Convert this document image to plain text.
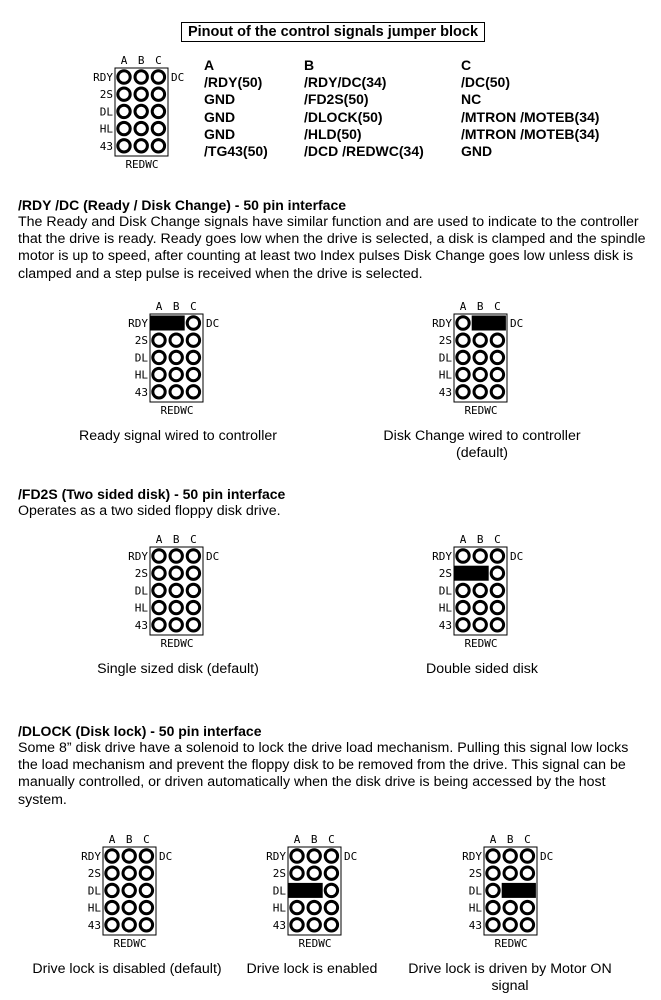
Pinout of the control signals jumper block
A B C
RDY
2S
DL
HL
43
DC
REDWC
A
/RDY(50)
GND
GND
GND
/TG43(50)
B
/RDY/DC(34)
/FD2S(50)
/DLOCK(50)
/HLD(50)
/DCD /REDWC(34)
C
/DC(50)
NC
/MTRON /MOTEB(34)
/MTRON /MOTEB(34)
GND
/RDY /DC (Ready / Disk Change) - 50 pin interface
The Ready and Disk Change signals have similar function and are used to indicate to the controller that the drive is ready. Ready goes low when the drive is selected, a disk is clamped and the spindle motor is up to speed, after counting at least two Index pulses Disk Change goes low unless disk is clamped and a step pulse is received when the drive is selected.
A B C
RDY
2S
DL
HL
43
DC
REDWC
Ready signal wired to controller
A B C
RDY
2S
DL
HL
43
DC
REDWC
Disk Change wired to controller (default)
/FD2S (Two sided disk) - 50 pin interface
Operates as a two sided floppy disk drive.
A B C
RDY
2S
DL
HL
43
DC
REDWC
Single sized disk (default)
A B C
RDY
2S
DL
HL
43
DC
REDWC
Double sided disk
/DLOCK (Disk lock) - 50 pin interface
Some 8” disk drive have a solenoid to lock the drive load mechanism. Pulling this signal low locks the load mechanism and prevent the floppy disk to be removed from the drive. This signal can be manually controlled, or driven automatically when the disk drive is being accessed by the host system.
A B C
RDY
2S
DL
HL
43
DC
REDWC
Drive lock is disabled (default)
A B C
RDY
2S
DL
HL
43
DC
REDWC
Drive lock is enabled
A B C
RDY
2S
DL
HL
43
DC
REDWC
Drive lock is driven by Motor ON signal
